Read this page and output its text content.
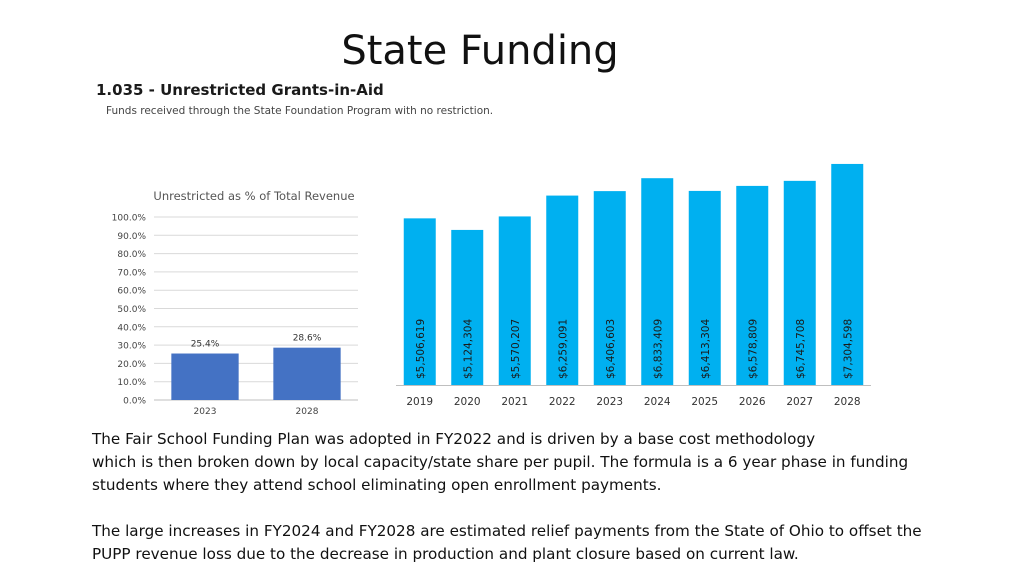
State Funding
1.035 - Unrestricted Grants-in-Aid
Funds received through the State Foundation Program with no restriction.
Unrestricted as % of Total Revenue
0.0%
10.0%
20.0%
30.0%
40.0%
50.0%
60.0%
70.0%
80.0%
90.0%
100.0%
25.4%
2023
28.6%
2028
$5,506,619
2019
$5,124,304
2020
$5,570,207
2021
$6,259,091
2022
$6,406,603
2023
$6,833,409
2024
$6,413,304
2025
$6,578,809
2026
$6,745,708
2027
$7,304,598
2028

The Fair School Funding Plan was adopted in FY2022 and is driven by a base cost methodology
which is then broken down by local capacity/state share per pupil. The formula is a 6 year phase in funding
students where they attend school eliminating open enrollment payments.

The large increases in FY2024 and FY2028 are estimated relief payments from the State of Ohio to offset the
PUPP revenue loss due to the decrease in production and plant closure based on current law.
